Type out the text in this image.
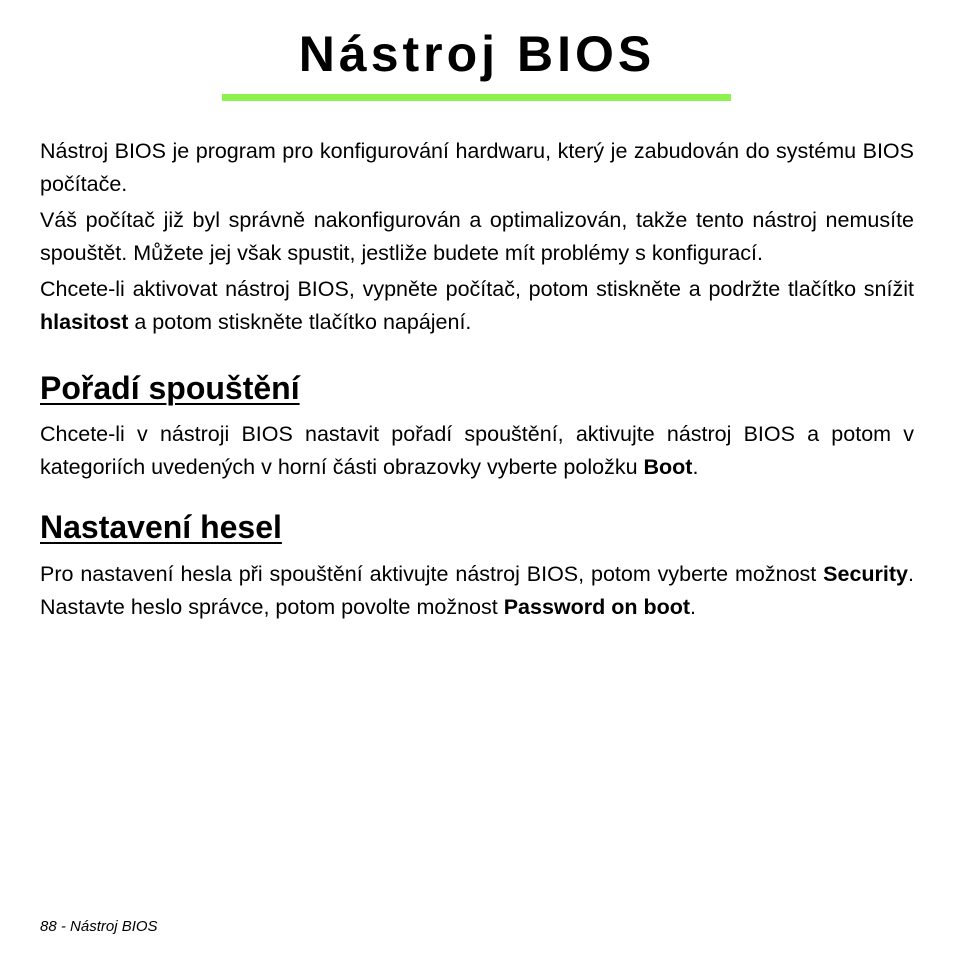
Nástroj BIOS

Nástroj BIOS je program pro konfigurování hardwaru, který je zabudován do systému BIOS počítače.

Váš počítač již byl správně nakonfigurován a optimalizován, takže tento nástroj nemusíte spouštět. Můžete jej však spustit, jestliže budete mít problémy s konfigurací.

Chcete-li aktivovat nástroj BIOS, vypněte počítač, potom stiskněte a podržte tlačítko snížit hlasitost a potom stiskněte tlačítko napájení.

Pořadí spouštění

Chcete-li v nástroji BIOS nastavit pořadí spouštění, aktivujte nástroj BIOS a potom v kategoriích uvedených v horní části obrazovky vyberte položku Boot.

Nastavení hesel

Pro nastavení hesla při spouštění aktivujte nástroj BIOS, potom vyberte možnost Security. Nastavte heslo správce, potom povolte možnost Password on boot.

88 - Nástroj BIOS
